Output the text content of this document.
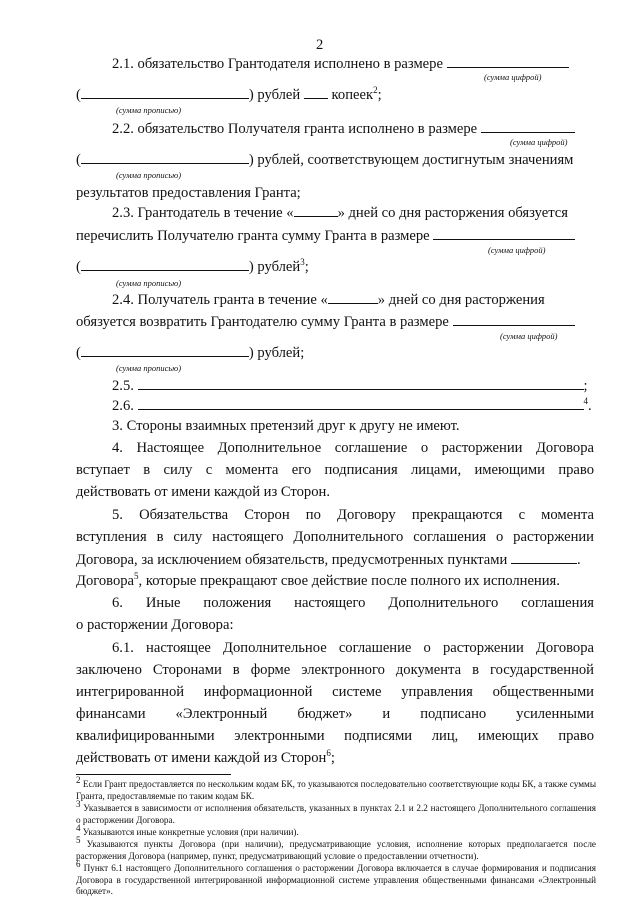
2
2.1. обязательство Грантодателя исполнено в размере
(сумма цифрой)
(	) рублей копеек$^2$;
(сумма прописью)
2.2. обязательство Получателя гранта исполнено в размере
(сумма цифрой)
(	) рублей, соответствующем достигнутым значениям
(сумма прописью)
результатов предоставления Гранта;
2.3. Грантодатель в течение «	» дней со дня расторжения обязуется
перечислить Получателю гранта сумму Гранта в размере
(сумма цифрой)
(	) рублей$^3$;
(сумма прописью)
2.4. Получатель гранта в течение «	» дней со дня расторжения
обязуется возвратить Грантодателю сумму Гранта в размере
(сумма цифрой)
(	) рублей;
(сумма прописью)
2.5.	;
2.6.	$^4$.
3. Стороны взаимных претензий друг к другу не имеют.
4. Настоящее Дополнительное соглашение о расторжении Договора
вступает в силу с момента его подписания лицами, имеющими право
действовать от имени каждой из Сторон.
5. Обязательства Сторон по Договору прекращаются с момента
вступления в силу настоящего Дополнительного соглашения о расторжении
Договора, за исключением обязательств, предусмотренных пунктами	.
Договора$^5$, которые прекращают свое действие после полного их исполнения.
6. Иные положения настоящего Дополнительного соглашения
о расторжении Договора:
6.1. настоящее Дополнительное соглашение о расторжении Договора
заключено Сторонами в форме электронного документа в государственной
интегрированной информационной системе управления общественными
финансами «Электронный бюджет» и подписано усиленными
квалифицированными электронными подписями лиц, имеющих право
действовать от имени каждой из Сторон$^6$;
$^2$ Если Грант предоставляется по нескольким кодам БК, то указываются последовательно соответствующие коды БК, а также суммы Гранта, предоставляемые по таким кодам БК.
$^3$ Указывается в зависимости от исполнения обязательств, указанных в пунктах 2.1 и 2.2 настоящего Дополнительного соглашения о расторжении Договора.
$^4$ Указываются иные конкретные условия (при наличии).
$^5$ Указываются пункты Договора (при наличии), предусматривающие условия, исполнение которых предполагается после расторжения Договора (например, пункт, предусматривающий условие о предоставлении отчетности).
$^6$ Пункт 6.1 настоящего Дополнительного соглашения о расторжении Договора включается в случае формирования и подписания Договора в государственной интегрированной информационной системе управления общественными финансами «Электронный бюджет».
